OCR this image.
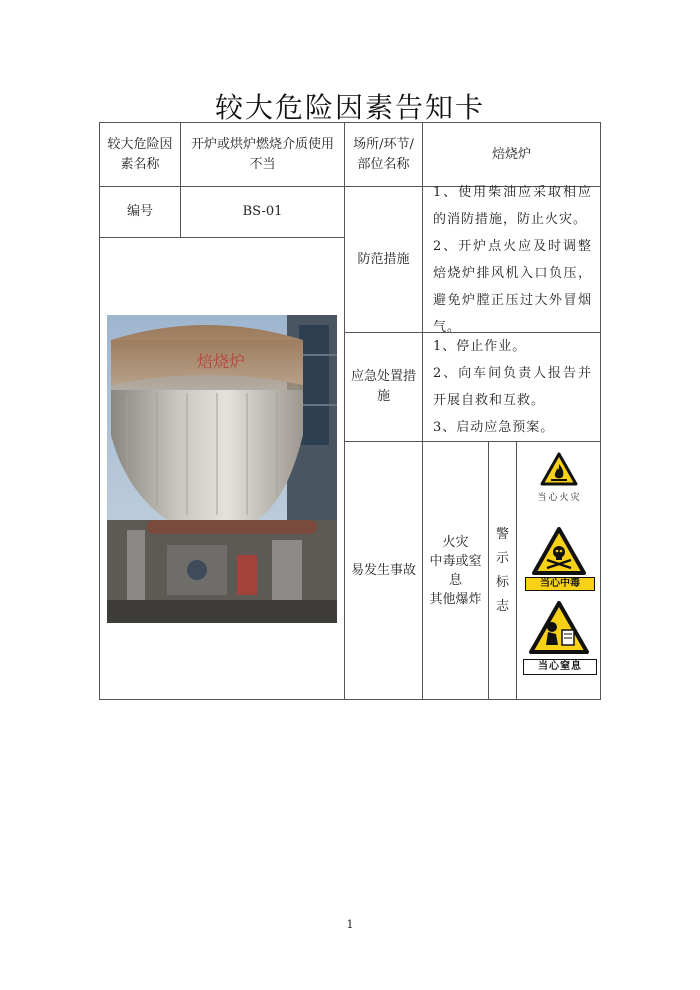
较大危险因素告知卡
较大危险因素名称
开炉或烘炉燃烧介质使用不当
场所/环节/部位名称
焙烧炉
编号	BS-01
焙烧炉
防范措施

1、使用柴油应采取相应的消防措施，防止火灾。

2、开炉点火应及时调整焙烧炉排风机入口负压，避免炉膛正压过大外冒烟气。

应急处置措施

1、停止作业。

2、向车间负责人报告并开展自救和互救。

3、启动应急预案。

易发生事故
火灾
中毒或窒息
其他爆炸
警
示
标
志
当心火灾
当心中毒
当心窒息
1
